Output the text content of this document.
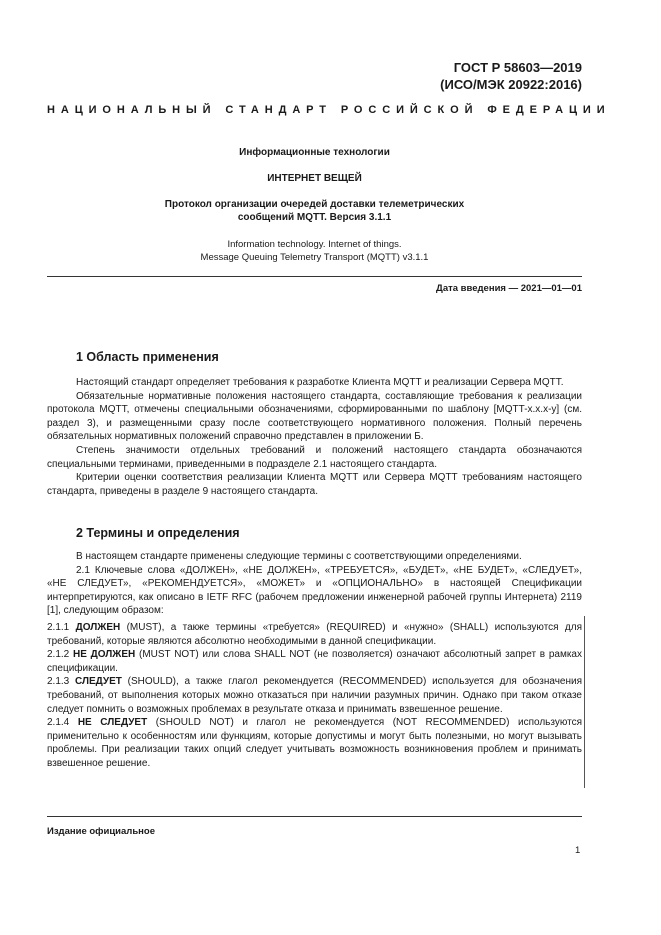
ГОСТ Р 58603—2019
(ИСО/МЭК 20922:2016)
НАЦИОНАЛЬНЫЙ СТАНДАРТ РОССИЙСКОЙ ФЕДЕРАЦИИ
Информационные технологии
ИНТЕРНЕТ ВЕЩЕЙ
Протокол организации очередей доставки телеметрических
сообщений MQTT. Версия 3.1.1
Information technology. Internet of things.
Message Queuing Telemetry Transport (MQTT) v3.1.1
Дата введения — 2021—01—01
1 Область применения

Настоящий стандарт определяет требования к разработке Клиента MQTT и реализации Сервера MQTT.

Обязательные нормативные положения настоящего стандарта, составляющие требования к реализации протокола MQTT, отмечены специальными обозначениями, сформированными по шаблону [MQTT-x.x.x-y] (см. раздел 3), и размещенными сразу после соответствующего нормативного положения. Полный перечень обязательных нормативных положений справочно представлен в приложении Б.

Степень значимости отдельных требований и положений настоящего стандарта обозначаются специальными терминами, приведенными в подразделе 2.1 настоящего стандарта.

Критерии оценки соответствия реализации Клиента MQTT или Сервера MQTT требованиям настоящего стандарта, приведены в разделе 9 настоящего стандарта.

2 Термины и определения

В настоящем стандарте применены следующие термины с соответствующими определениями.

2.1 Ключевые слова «ДОЛЖЕН», «НЕ ДОЛЖЕН», «ТРЕБУЕТСЯ», «БУДЕТ», «НЕ БУДЕТ», «СЛЕДУЕТ», «НЕ СЛЕДУЕТ», «РЕКОМЕНДУЕТСЯ», «МОЖЕТ» и «ОПЦИОНАЛЬНО» в настоящей Спецификации интерпретируются, как описано в IETF RFC (рабочем предложении инженерной рабочей группы Интернета) 2119 [1], следующим образом:

2.1.1 ДОЛЖЕН (MUST), а также термины «требуется» (REQUIRED) и «нужно» (SHALL) используются для требований, которые являются абсолютно необходимыми в данной спецификации.

2.1.2 НЕ ДОЛЖЕН (MUST NOT) или слова SHALL NOT (не позволяется) означают абсолютный запрет в рамках спецификации.

2.1.3 СЛЕДУЕТ (SHOULD), а также глагол рекомендуется (RECOMMENDED) используется для обозначения требований, от выполнения которых можно отказаться при наличии разумных причин. Однако при таком отказе следует помнить о возможных проблемах в результате отказа и принимать взвешенное решение.

2.1.4 НЕ СЛЕДУЕТ (SHOULD NOT) и глагол не рекомендуется (NOT RECOMMENDED) используются применительно к особенностям или функциям, которые допустимы и могут быть полезными, но могут вызывать проблемы. При реализации таких опций следует учитывать возможность возникновения проблем и принимать взвешенное решение.

Издание официальное
1
